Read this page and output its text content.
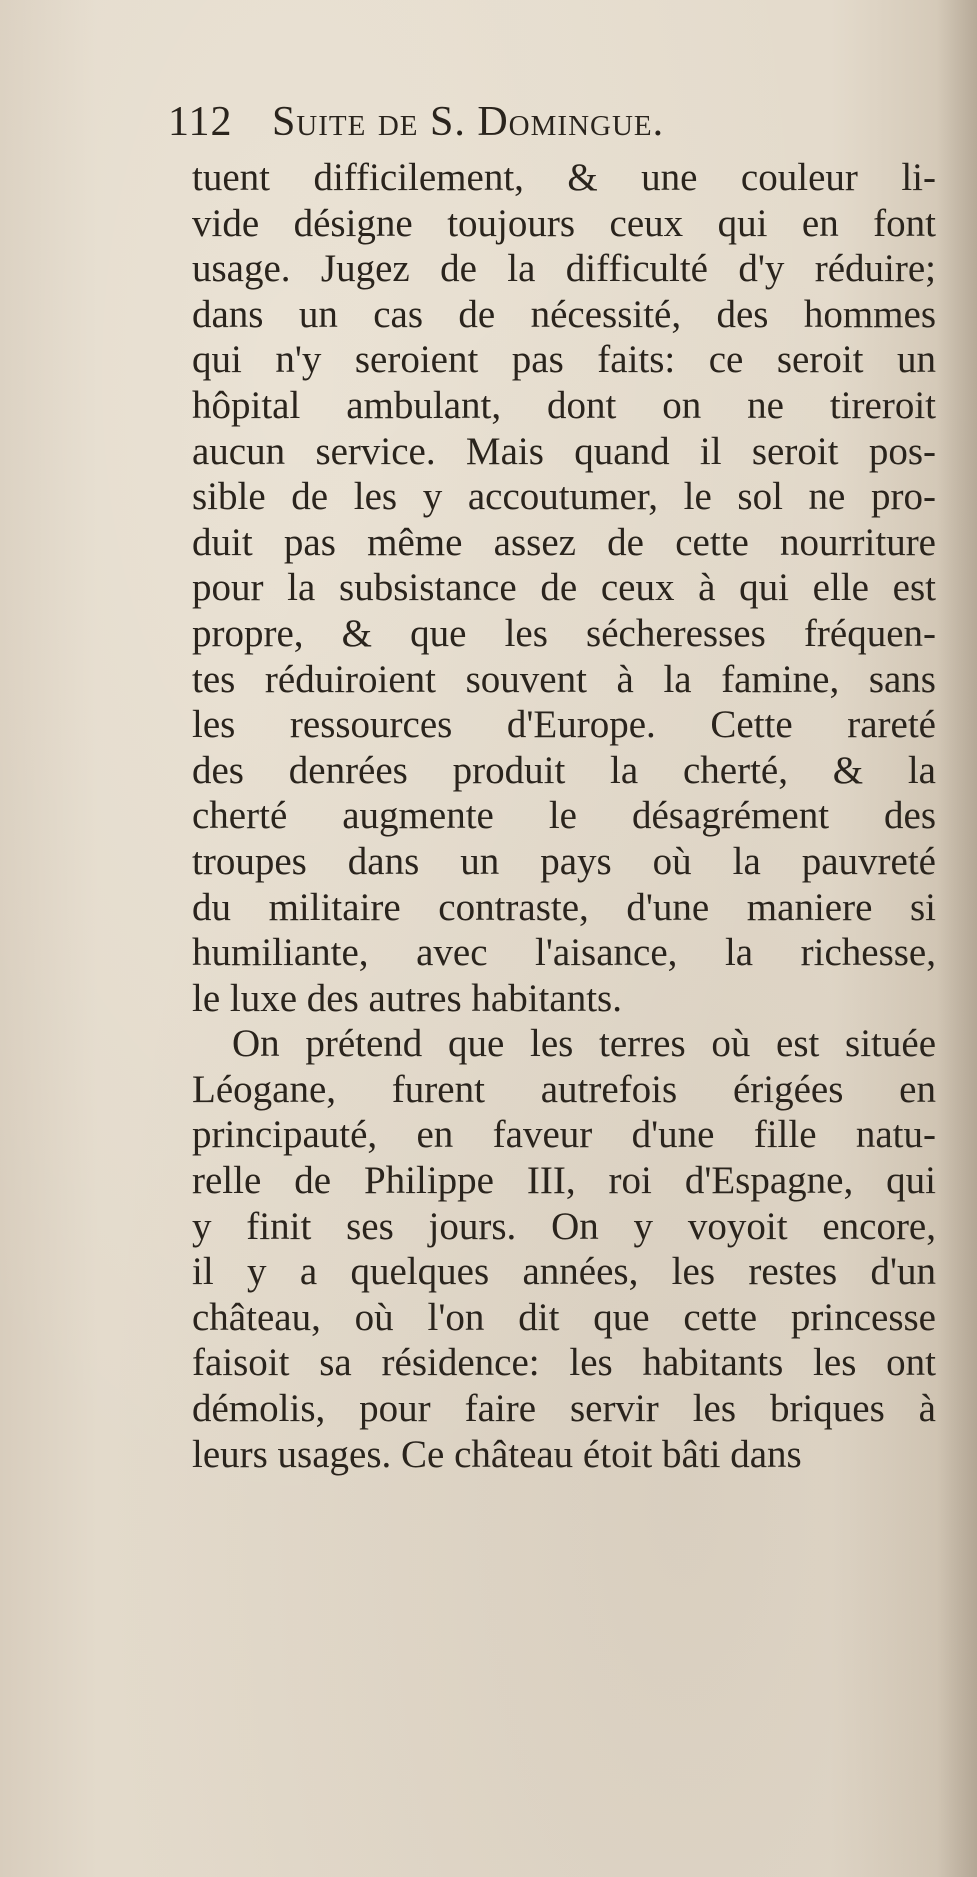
112 Suite de S. Domingue.
tuent difficilement, & une couleur li-
vide désigne toujours ceux qui en font
usage. Jugez de la difficulté d'y réduire;
dans un cas de nécessité, des hommes
qui n'y seroient pas faits: ce seroit un
hôpital ambulant, dont on ne tireroit
aucun service. Mais quand il seroit pos-
sible de les y accoutumer, le sol ne pro-
duit pas même assez de cette nourriture
pour la subsistance de ceux à qui elle est
propre, & que les sécheresses fréquen-
tes réduiroient souvent à la famine, sans
les ressources d'Europe. Cette rareté
des denrées produit la cherté, & la
cherté augmente le désagrément des
troupes dans un pays où la pauvreté
du militaire contraste, d'une maniere si
humiliante, avec l'aisance, la richesse,
le luxe des autres habitants.
On prétend que les terres où est située
Léogane, furent autrefois érigées en
principauté, en faveur d'une fille natu-
relle de Philippe III, roi d'Espagne, qui
y finit ses jours. On y voyoit encore,
il y a quelques années, les restes d'un
château, où l'on dit que cette princesse
faisoit sa résidence: les habitants les ont
démolis, pour faire servir les briques à
leurs usages. Ce château étoit bâti dans
